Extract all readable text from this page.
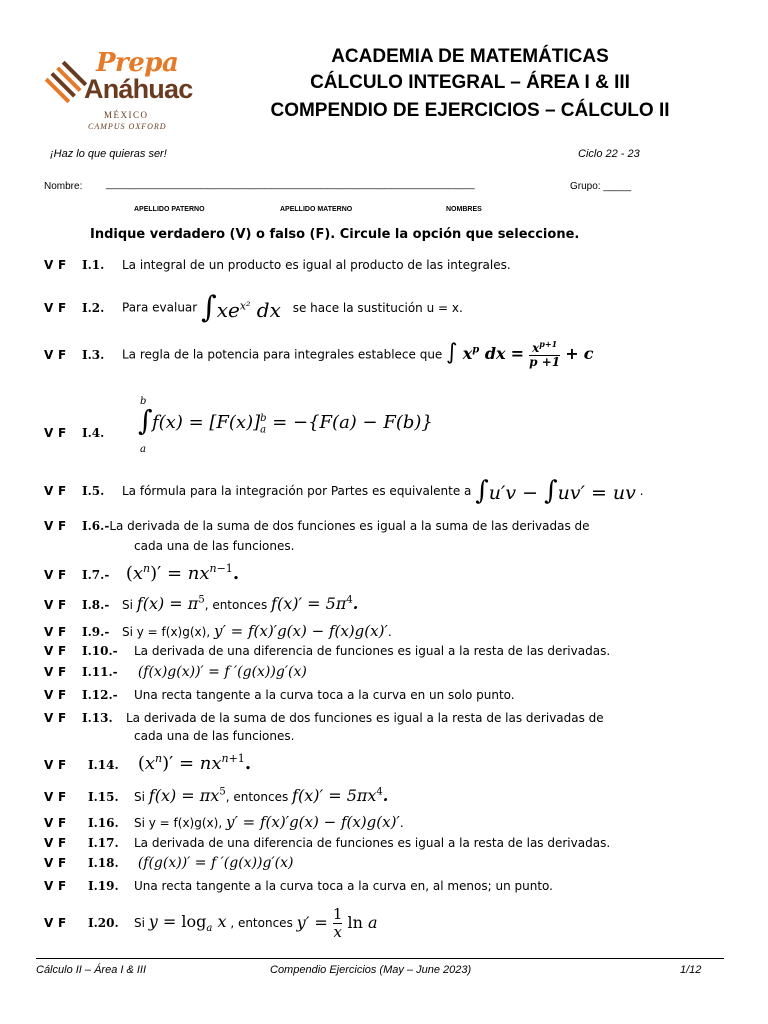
Prepa
Anáhuac
MÉXICO
CAMPUS OXFORD
ACADEMIA DE MATEMÁTICAS
CÁLCULO INTEGRAL – ÁREA I & III
COMPENDIO DE EJERCICIOS – CÁLCULO II
¡Haz lo que quieras ser!	Ciclo 22 - 23
Nombre: ________________________________________________________________	Grupo: _____
APELLIDO PATERNO	APELLIDO MATERNO	NOMBRES
Indique verdadero (V) o falso (F). Circule la opción que seleccione.
V F I.1. La integral de un producto es igual al producto de las integrales.
V F I.2. Para evaluar $\int xe^{x^2}$ dx se hace la sustitución u = x.
V F I.3. La regla de la potencia para integrales establece que ∫ $x^p$ dx = $\frac{x^{p+1}}{p +1} + c$
V F I.4.
b
∫
a
$f(x) = [F(x)]_a^b = -\{F(a) - F(b)\}$
V F I.5. La fórmula para la integración por Partes es equivalente a ∫u′v − ∫uv′ = uv .
V F I.6.-La derivada de la suma de dos funciones es igual a la suma de las derivadas de
cada una de las funciones.
V F I.7.- $(x^n)' = nx^{n-1}$.
V F I.8.- Si $f(x) = \pi^5$, entonces $f(x)' = 5\pi^4$.
V F I.9.- Si y = f(x)g(x), y′ = f(x)′g(x) − f(x)g(x)′.
V F I.10.- La derivada de una diferencia de funciones es igual a la resta de las derivadas.
V F I.11.- (f(x)g(x))′ = f ′(g(x))g′(x)
V F I.12.- Una recta tangente a la curva toca a la curva en un solo punto.
V F I.13. La derivada de la suma de dos funciones es igual a la resta de las derivadas de
cada una de las funciones.
V F I.14. $(x^n)' = nx^{n+1}$.
V F I.15. Si $f(x) = \pi x^5$, entonces $f(x)' = 5\pi x^4$.
V F I.16. Si y = f(x)g(x), y′ = f(x)′g(x) − f(x)g(x)′.
V F I.17. La derivada de una diferencia de funciones es igual a la resta de las derivadas.
V F I.18. (f(g(x))′ = f ′(g(x))g′(x)
V F I.19. Una recta tangente a la curva toca a la curva en, al menos; un punto.
V F I.20. Si $y = \log_a x$ , entonces $y' = \frac{1}{x}$ ln a
Cálculo II – Área I & III	Compendio Ejercicios (May – June 2023)	1/12
